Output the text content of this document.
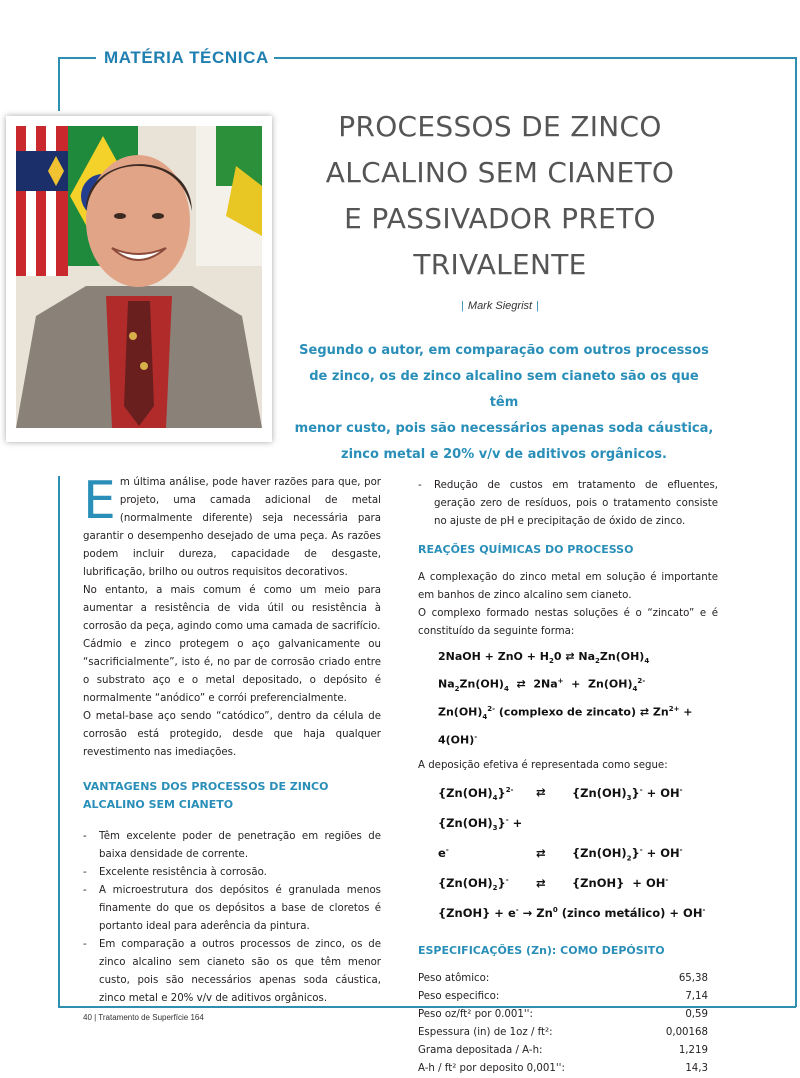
MATÉRIA TÉCNICA
PROCESSOS DE ZINCO
ALCALINO SEM CIANETO
E PASSIVADOR PRETO
TRIVALENTE
| Mark Siegrist |
Segundo o autor, em comparação com outros processos
de zinco, os de zinco alcalino sem cianeto são os que têm
menor custo, pois são necessários apenas soda cáustica,
zinco metal e 20% v/v de aditivos orgânicos.

Em última análise, pode haver razões para que, por projeto, uma camada adicional de metal (normalmente diferente) seja necessária para garantir o desempenho desejado de uma peça. As razões podem incluir dureza, capacidade de desgaste, lubrificação, brilho ou outros requisitos decorativos.

No entanto, a mais comum é como um meio para aumentar a resistência de vida útil ou resistência à corrosão da peça, agindo como uma camada de sacrifício.

Cádmio e zinco protegem o aço galvanicamente ou “sacrificialmente”, isto é, no par de corrosão criado entre o substrato aço e o metal depositado, o depósito é normalmente “anódico” e corrói preferencialmente.

O metal-base aço sendo “catódico”, dentro da célula de corrosão está protegido, desde que haja qualquer revestimento nas imediações.

VANTAGENS DOS PROCESSOS DE ZINCO ALCALINO SEM CIANETO
- Têm excelente poder de penetração em regiões de baixa densidade de corrente.
- Excelente resistência à corrosão.
- A microestrutura dos depósitos é granulada menos finamente do que os depósitos a base de cloretos é portanto ideal para aderência da pintura.
- Em comparação a outros processos de zinco, os de zinco alcalino sem cianeto são os que têm menor custo, pois são necessários apenas soda cáustica, zinco metal e 20% v/v de aditivos orgânicos.
- Redução de custos em tratamento de efluentes, geração zero de resíduos, pois o tratamento consiste no ajuste de pH e precipitação de óxido de zinco.
REAÇÕES QUÍMICAS DO PROCESSO

A complexação do zinco metal em solução é importante em banhos de zinco alcalino sem cianeto.

O complexo formado nestas soluções é o “zincato” e é constituído da seguinte forma:

2NaOH + ZnO + $H_20$ ⇄ $Na_2Zn(OH)_4$
$Na_2Zn(OH)_4$  ⇄  $2Na^+ + Zn(OH)_4^{2-}$
$Zn(OH)_4^{2-}$ (complexo de zincato) ⇄ $Zn^{2+} + 4(OH)^-$

A deposição efetiva é representada como segue:

$\{Zn(OH)_4\}^{2-}$ ⇄ $\{Zn(OH)_3\}^- + OH^-$
$\{Zn(OH)_3\}^- + e^-$	⇄ $\{Zn(OH)_2\}^- + OH^-$
$\{Zn(OH)_2\}^-$ ⇄ {ZnOH}  + OH-
{ZnOH} + $e^- \to Zn^0$ (zinco metálico) + OH-
ESPECIFICAÇÕES (Zn): COMO DEPÓSITO
Peso atômico:	65,38
Peso especifico:	7,14
Peso oz/ft² por 0.001'':	0,59
Espessura (in) de 1oz / ft²:	0,00168
Grama depositada / A-h:	1,219
A-h / ft² por deposito 0,001'':	14,3
40 | Tratamento de Superfície 164
